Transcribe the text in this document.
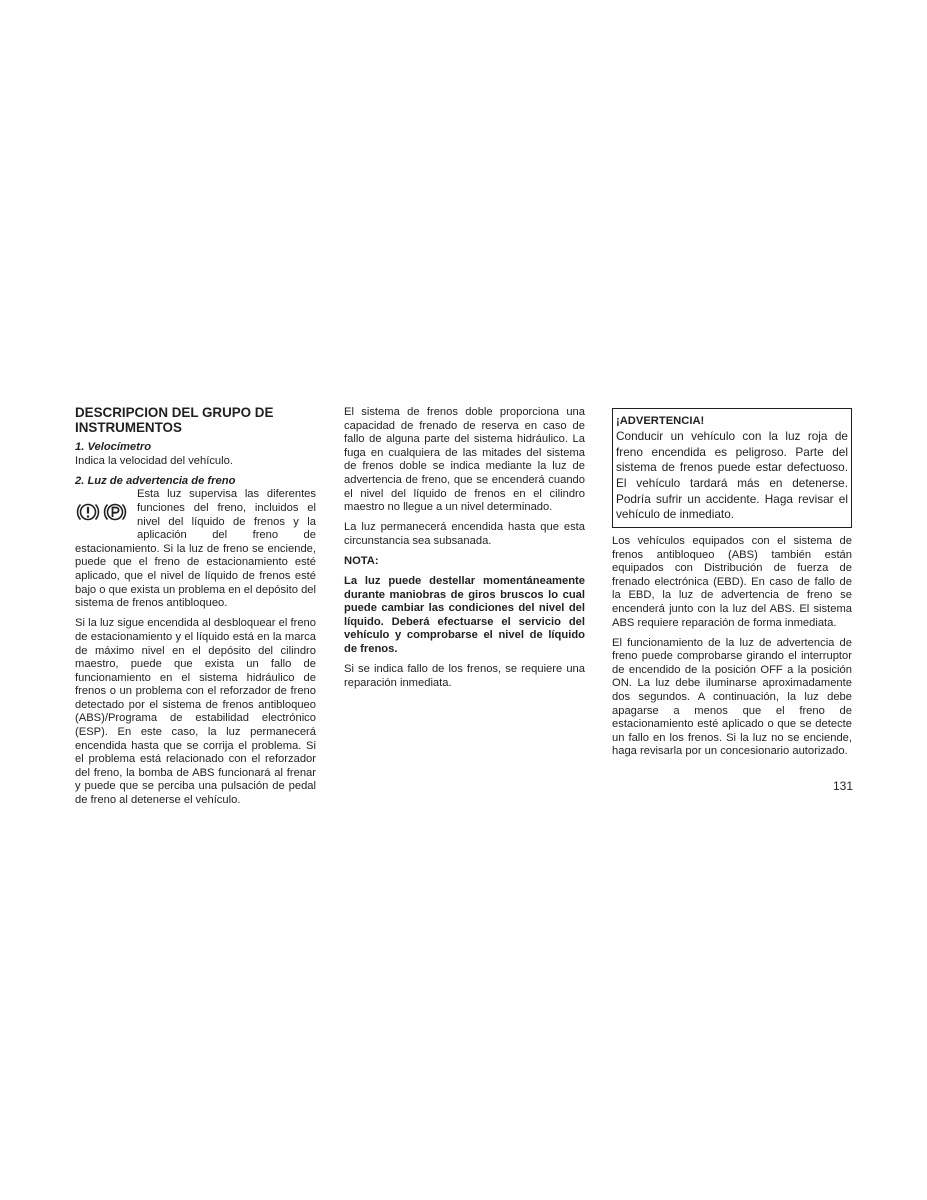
DESCRIPCION DEL GRUPO DE INSTRUMENTOS
1. Velocímetro

Indica la velocidad del vehículo.

2. Luz de advertencia de freno

Esta luz supervisa las diferentes funciones del freno, incluidos el nivel del líquido de frenos y la aplicación del freno de estacionamiento. Si la luz de freno se enciende, puede que el freno de estacionamiento esté aplicado, que el nivel de líquido de frenos esté bajo o que exista un problema en el depósito del sistema de frenos antibloqueo.

Si la luz sigue encendida al desbloquear el freno de estacionamiento y el líquido está en la marca de máximo nivel en el depósito del cilindro maestro, puede que exista un fallo de funcionamiento en el sistema hidráulico de frenos o un problema con el reforzador de freno detectado por el sistema de frenos antibloqueo (ABS)/Programa de estabilidad electrónico (ESP). En este caso, la luz permanecerá encendida hasta que se corrija el problema. Si el problema está relacionado con el reforzador del freno, la bomba de ABS funcionará al frenar y puede que se perciba una pulsación de pedal de freno al detenerse el vehículo.

El sistema de frenos doble proporciona una capacidad de frenado de reserva en caso de fallo de alguna parte del sistema hidráulico. La fuga en cualquiera de las mitades del sistema de frenos doble se indica mediante la luz de advertencia de freno, que se encenderá cuando el nivel del líquido de frenos en el cilindro maestro no llegue a un nivel determinado.

La luz permanecerá encendida hasta que esta circunstancia sea subsanada.

NOTA:

La luz puede destellar momentáneamente durante maniobras de giros bruscos lo cual puede cambiar las condiciones del nivel del líquido. Deberá efectuarse el servicio del vehículo y comprobarse el nivel de líquido de frenos.

Si se indica fallo de los frenos, se requiere una reparación inmediata.

¡ADVERTENCIA!
Conducir un vehículo con la luz roja de freno encendida es peligroso. Parte del sistema de frenos puede estar defectuoso. El vehículo tardará más en detenerse. Podría sufrir un accidente. Haga revisar el vehículo de inmediato.

Los vehículos equipados con el sistema de frenos antibloqueo (ABS) también están equipados con Distribución de fuerza de frenado electrónica (EBD). En caso de fallo de la EBD, la luz de advertencia de freno se encenderá junto con la luz del ABS. El sistema ABS requiere reparación de forma inmediata.

El funcionamiento de la luz de advertencia de freno puede comprobarse girando el interruptor de encendido de la posición OFF a la posición ON. La luz debe iluminarse aproximadamente dos segundos. A continuación, la luz debe apagarse a menos que el freno de estacionamiento esté aplicado o que se detecte un fallo en los frenos. Si la luz no se enciende, haga revisarla por un concesionario autorizado.

131
